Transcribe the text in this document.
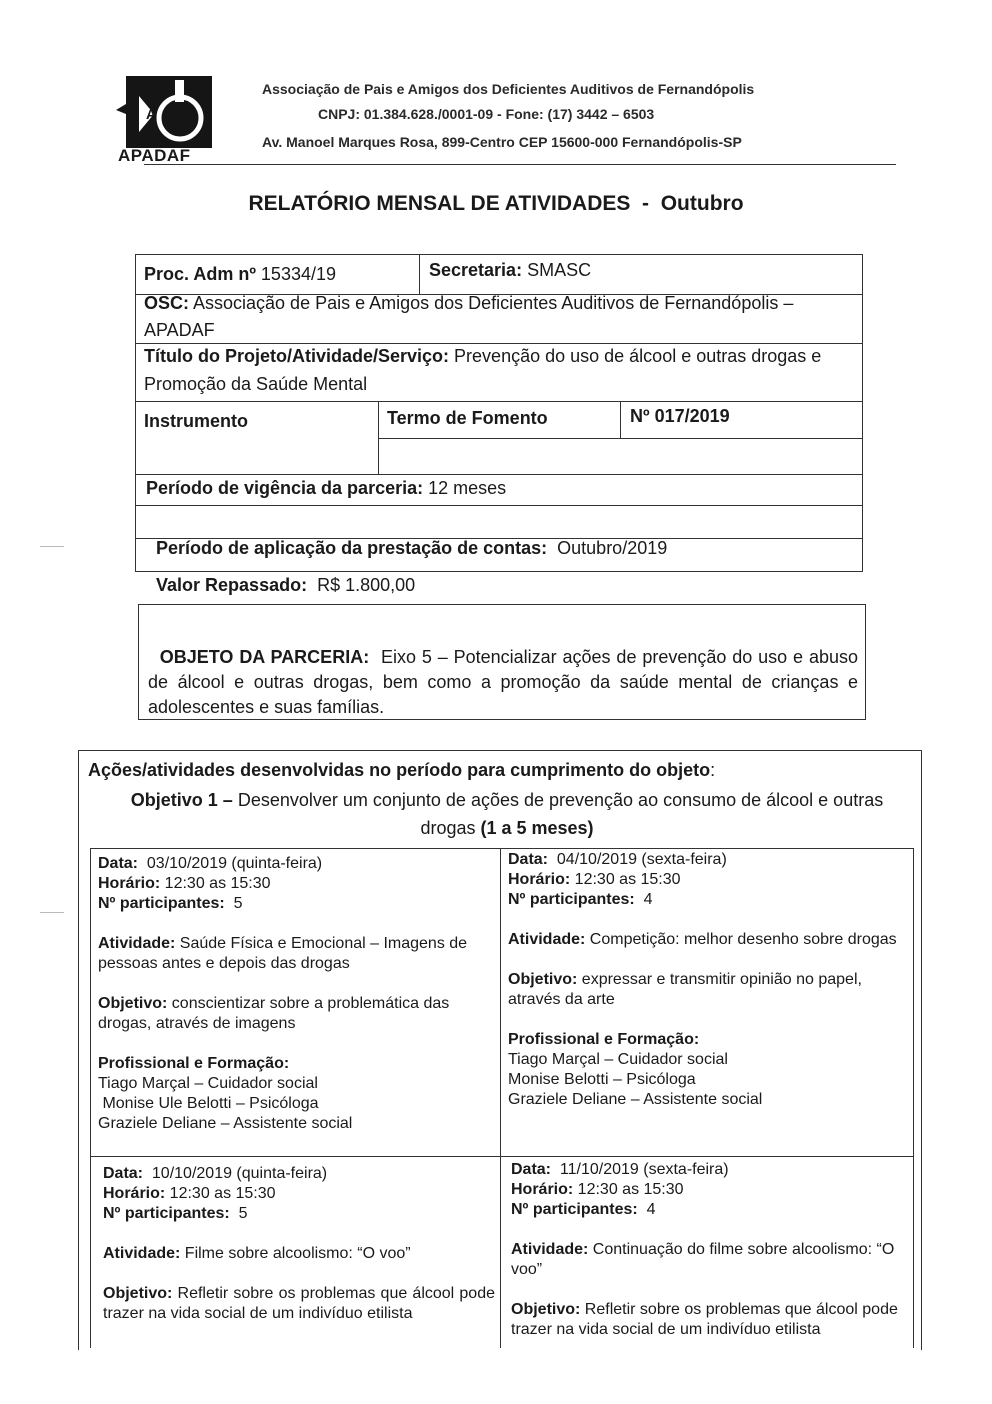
A
APADAF
Associação de Pais e Amigos dos Deficientes Auditivos de Fernandópolis
CNPJ: 01.384.628./0001-09 - Fone: (17) 3442 – 6503
Av. Manoel Marques Rosa, 899-Centro CEP 15600-000 Fernandópolis-SP
RELATÓRIO MENSAL DE ATIVIDADES  -  Outubro
Proc. Adm nº 15334/19	Secretaria: SMASC
OSC: Associação de Pais e Amigos dos Deficientes Auditivos de Fernandópolis – APADAF
Título do Projeto/Atividade/Serviço: Prevenção do uso de álcool e outras drogas e Promoção da Saúde Mental
Instrumento	Termo de Fomento	Nº 017/2019
Período de vigência da parceria: 12 meses

Período de aplicação da prestação de contas:  Outubro/2019

Valor Repassado:  R$ 1.800,00

OBJETO DA PARCERIA:  Eixo 5 – Potencializar ações de prevenção do uso e abuso de álcool e outras drogas, bem como a promoção da saúde mental de crianças e adolescentes e suas famílias.

Ações/atividades desenvolvidas no período para cumprimento do objeto:
Objetivo 1 – Desenvolver um conjunto de ações de prevenção ao consumo de álcool e outras drogas (1 a 5 meses)

Data:  03/10/2019 (quinta-feira)

Horário: 12:30 as 15:30

Nº participantes:  5

Atividade: Saúde Física e Emocional – Imagens de pessoas antes e depois das drogas

Objetivo: conscientizar sobre a problemática das drogas, através de imagens

Profissional e Formação:

Tiago Marçal – Cuidador social

Monise Ule Belotti – Psicóloga

Graziele Deliane – Assistente social

Data:  04/10/2019 (sexta-feira)

Horário: 12:30 as 15:30

Nº participantes:  4

Atividade: Competição: melhor desenho sobre drogas

Objetivo: expressar e transmitir opinião no papel, através da arte

Profissional e Formação:

Tiago Marçal – Cuidador social

Monise Belotti – Psicóloga

Graziele Deliane – Assistente social

Data:  10/10/2019 (quinta-feira)

Horário: 12:30 as 15:30

Nº participantes:  5

Atividade: Filme sobre alcoolismo: “O voo”

Objetivo: Refletir sobre os problemas que álcool pode trazer na vida social de um indivíduo etilista

Data:  11/10/2019 (sexta-feira)

Horário: 12:30 as 15:30

Nº participantes:  4

Atividade: Continuação do filme sobre alcoolismo: “O voo”

Objetivo: Refletir sobre os problemas que álcool pode trazer na vida social de um indivíduo etilista
